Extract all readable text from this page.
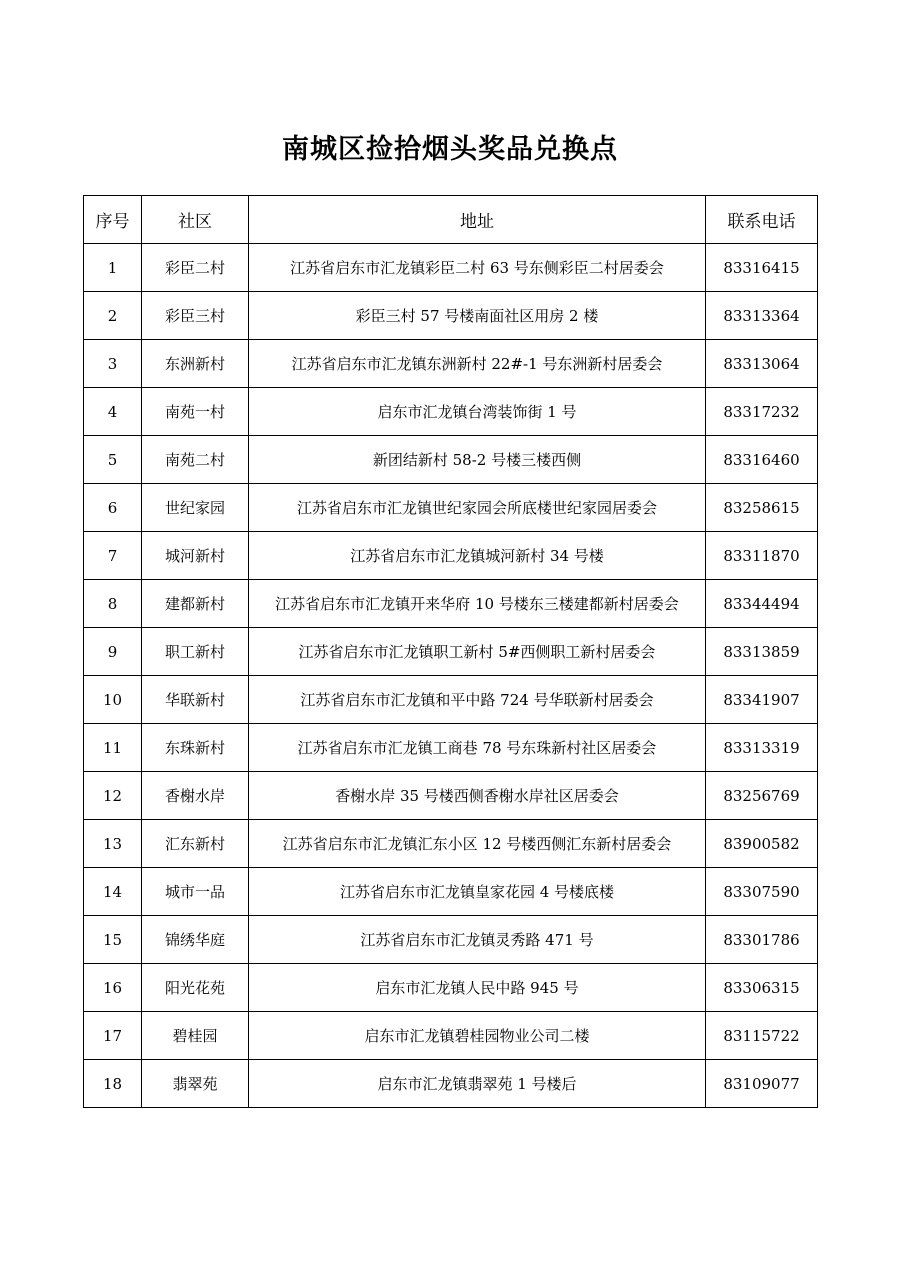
南城区捡拾烟头奖品兑换点
序号	社区	地址	联系电话
1	彩臣二村	江苏省启东市汇龙镇彩臣二村 63 号东侧彩臣二村居委会	83316415
2	彩臣三村	彩臣三村 57 号楼南面社区用房 2 楼	83313364
3	东洲新村	江苏省启东市汇龙镇东洲新村 22#-1 号东洲新村居委会	83313064
4	南苑一村	启东市汇龙镇台湾装饰街 1 号	83317232
5	南苑二村	新团结新村 58-2 号楼三楼西侧	83316460
6	世纪家园	江苏省启东市汇龙镇世纪家园会所底楼世纪家园居委会	83258615
7	城河新村	江苏省启东市汇龙镇城河新村 34 号楼	83311870
8	建都新村	江苏省启东市汇龙镇开来华府 10 号楼东三楼建都新村居委会	83344494
9	职工新村	江苏省启东市汇龙镇职工新村 5#西侧职工新村居委会	83313859
10	华联新村	江苏省启东市汇龙镇和平中路 724 号华联新村居委会	83341907
11	东珠新村	江苏省启东市汇龙镇工商巷 78 号东珠新村社区居委会	83313319
12	香榭水岸	香榭水岸 35 号楼西侧香榭水岸社区居委会	83256769
13	汇东新村	江苏省启东市汇龙镇汇东小区 12 号楼西侧汇东新村居委会	83900582
14	城市一品	江苏省启东市汇龙镇皇家花园 4 号楼底楼	83307590
15	锦绣华庭	江苏省启东市汇龙镇灵秀路 471 号	83301786
16	阳光花苑	启东市汇龙镇人民中路 945 号	83306315
17	碧桂园	启东市汇龙镇碧桂园物业公司二楼	83115722
18	翡翠苑	启东市汇龙镇翡翠苑 1 号楼后	83109077
